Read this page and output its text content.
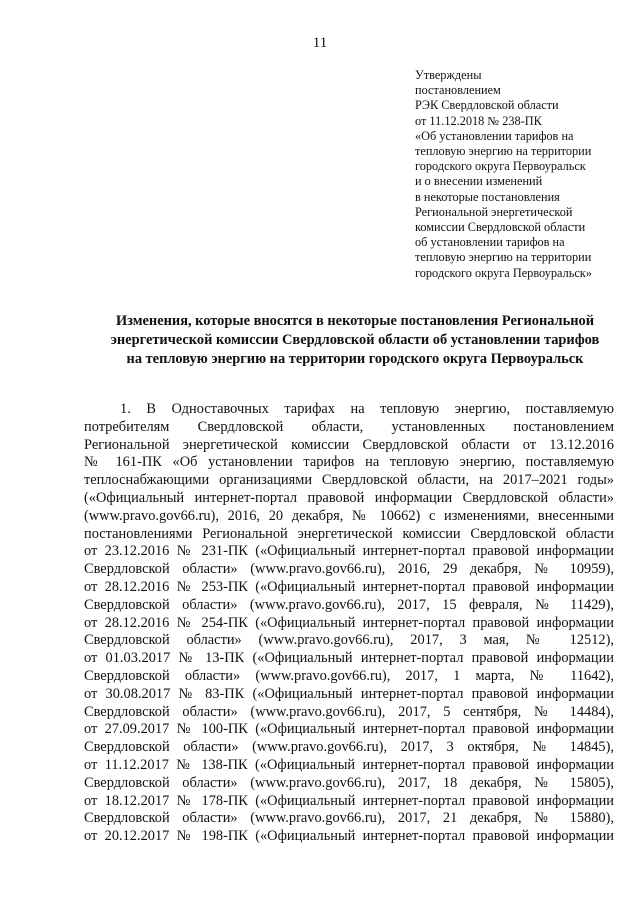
11
Утверждены
постановлением
РЭК Свердловской области
от 11.12.2018 № 238-ПК
«Об установлении тарифов на
тепловую энергию на территории
городского округа Первоуральск
и о внесении изменений
в некоторые постановления
Региональной энергетической
комиссии Свердловской области
об установлении тарифов на
тепловую энергию на территории
городского округа Первоуральск»
Изменения, которые вносятся в некоторые постановления Региональной
энергетической комиссии Свердловской области об установлении тарифов
на тепловую энергию на территории городского округа Первоуральск
1. В Одноставочных тарифах на тепловую энергию, поставляемую
потребителям Свердловской области, установленных постановлением
Региональной энергетической комиссии Свердловской области от 13.12.2016
№ 161-ПК «Об установлении тарифов на тепловую энергию, поставляемую
теплоснабжающими организациями Свердловской области, на 2017–2021 годы»
(«Официальный интернет-портал правовой информации Свердловской области»
(www.pravo.gov66.ru), 2016, 20 декабря, № 10662) с изменениями, внесенными
постановлениями Региональной энергетической комиссии Свердловской области
от 23.12.2016 № 231-ПК («Официальный интернет-портал правовой информации
Свердловской области» (www.pravo.gov66.ru), 2016, 29 декабря, № 10959),
от 28.12.2016 № 253-ПК («Официальный интернет-портал правовой информации
Свердловской области» (www.pravo.gov66.ru), 2017, 15 февраля, № 11429),
от 28.12.2016 № 254-ПК («Официальный интернет-портал правовой информации
Свердловской области» (www.pravo.gov66.ru), 2017, 3 мая, № 12512),
от 01.03.2017 № 13-ПК («Официальный интернет-портал правовой информации
Свердловской области» (www.pravo.gov66.ru), 2017, 1 марта, № 11642),
от 30.08.2017 № 83-ПК («Официальный интернет-портал правовой информации
Свердловской области» (www.pravo.gov66.ru), 2017, 5 сентября, № 14484),
от 27.09.2017 № 100-ПК («Официальный интернет-портал правовой информации
Свердловской области» (www.pravo.gov66.ru), 2017, 3 октября, № 14845),
от 11.12.2017 № 138-ПК («Официальный интернет-портал правовой информации
Свердловской области» (www.pravo.gov66.ru), 2017, 18 декабря, № 15805),
от 18.12.2017 № 178-ПК («Официальный интернет-портал правовой информации
Свердловской области» (www.pravo.gov66.ru), 2017, 21 декабря, № 15880),
от 20.12.2017 № 198-ПК («Официальный интернет-портал правовой информации
